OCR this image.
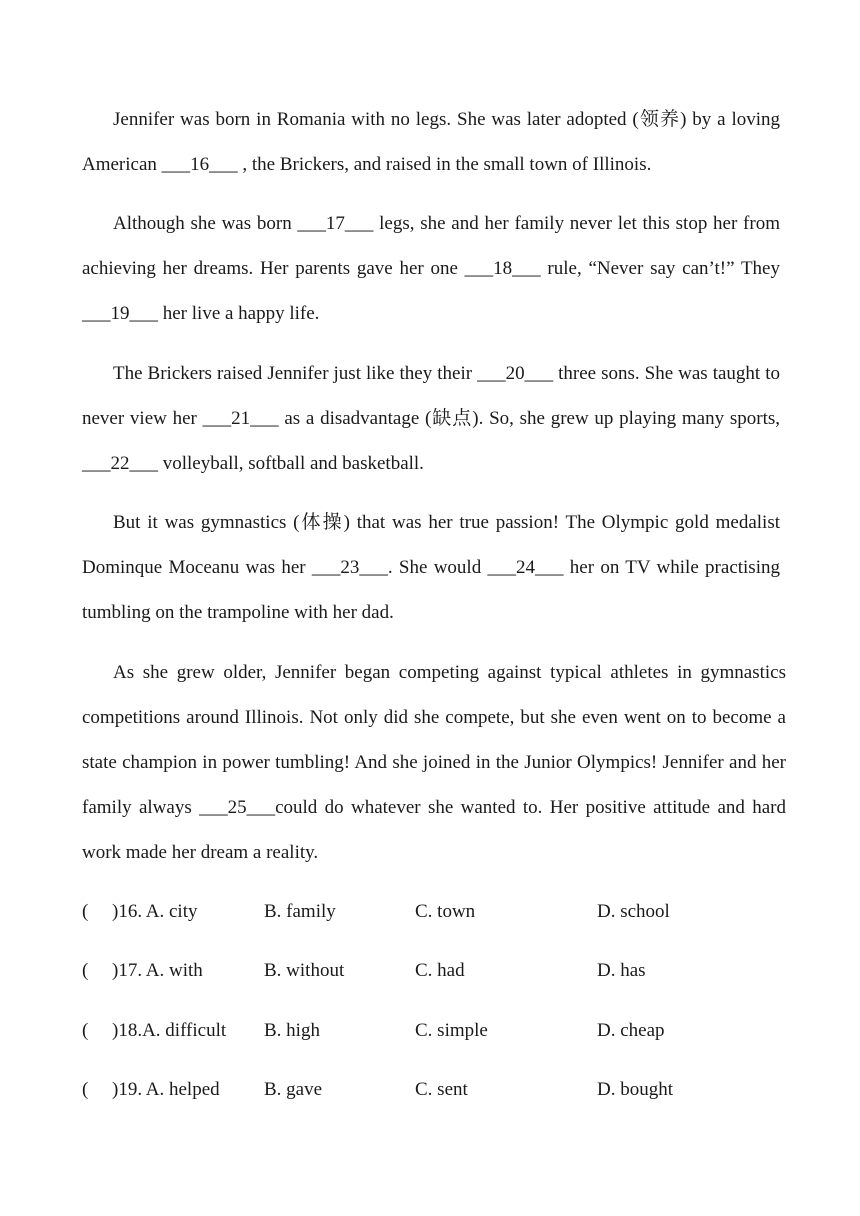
Jennifer was born in Romania with no legs. She was later adopted (领养) by a loving American ___16___ , the Brickers, and raised in the small town of Illinois.

Although she was born ___17___ legs, she and her family never let this stop her from achieving her dreams. Her parents gave her one ___18___ rule, “Never say can’t!” They ___19___ her live a happy life.

The Brickers raised Jennifer just like they their ___20___ three sons. She was taught to never view her ___21___ as a disadvantage (缺点). So, she grew up playing many sports, ___22___ volleyball, softball and basketball.

But it was gymnastics (体操) that was her true passion! The Olympic gold medalist Dominque Moceanu was her ___23___. She would ___24___ her on TV while practising tumbling on the trampoline with her dad.

As she grew older, Jennifer began competing against typical athletes in gymnastics competitions around Illinois. Not only did she compete, but she even went on to become a state champion in power tumbling! And she joined in the Junior Olympics! Jennifer and her family always ___25___could do whatever she wanted to. Her positive attitude and hard work made her dream a reality.

( )16. A. city	B. family	C. town	D. school
( )17. A. with	B. without	C. had	D. has
( )18.A. difficult B. high	C. simple	D. cheap
( )19. A. helped B. gave	C. sent	D. bought
